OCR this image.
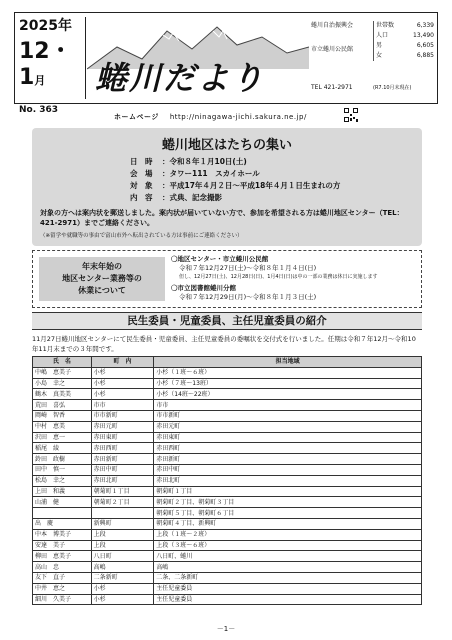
2025年
12・1月
No. 363
蜷川だより
蜷川自治振興会
市立蜷川公民館
世帯数	6,339
人口	13,490
男	6,605
女	6,885
TEL 421-2971	(R7.10月末現在)
ホームページ http://ninagawa-jichi.sakura.ne.jp/
蜷川地区はたちの集い
日　時	：令和８年１月10日(土)
会　場	：タワー111　スカイホール
対　象	：平成17年４月２日～平成18年４月１日生まれの方
内　容	：式典、記念撮影
対象の方へは案内状を郵送しました。案内状が届いていない方で、参加を希望される方は蜷川地区センター（TEL：421-2971）までご連絡ください。
（※留学や就職等の事由で富山市外へ転出されている方は事前にご連絡ください）
年末年始の
地区センター業務等の
休業について
〇地区センター・市立蜷川公民館
令和７年12月27日(土)～令和８年１月４日(日)
但し、12月27日(土)、12月28日(日)、1月4日(日)は中の一部の業務は休日に実施します
〇市立図書館蜷川分館
令和７年12月29日(月)～令和８年１月３日(土)
民生委員・児童委員、主任児童委員の紹介
11月27日蜷川地区センターにて民生委員・児童委員、主任児童委員の委嘱状を交付式を行いました。任期は令和７年12月～令和10年11月末までの３年間です。
氏　名	町　内	担当地域
中嶋　恵美子	小杉	小杉（１班～６班）
小島　幸之	小杉	小杉（７班～13班）
鶴木　真美美	小杉	小杉（14班～22班）
荒田　喜弘	市市	市市
岡崎　智香	市市新町	市市新町
中村　恵美	赤田元町	赤田元町
沢田　恵一	赤田東町	赤田東町
稲尾　綾	赤田西町	赤田西町
鈴田　政樹	赤田新町	赤田新町
田中　慎一	赤田中町	赤田中町
松島　幸之	赤田北町	赤田北町
上田　和義	朝菊町１丁目	朝菊町１丁目
山浦　健	朝菊町２丁目	朝菊町２丁目、朝菊町３丁目
		朝菊町５丁目、朝菊町６丁目
出　慶	新興町	朝菊町４丁目、新興町
中本　博美子	上段	上段（１班～２班）
安達　美子	上段	上段（３班～６班）
柳田　恵美子	八日町	八日町、蜷川
高山　忠	高嶋	高嶋
友下　直子	二条新町	二条、二条新町
中井　恵之	小杉	主任児童委員
細川　久美子	小杉	主任児童委員
－1－
